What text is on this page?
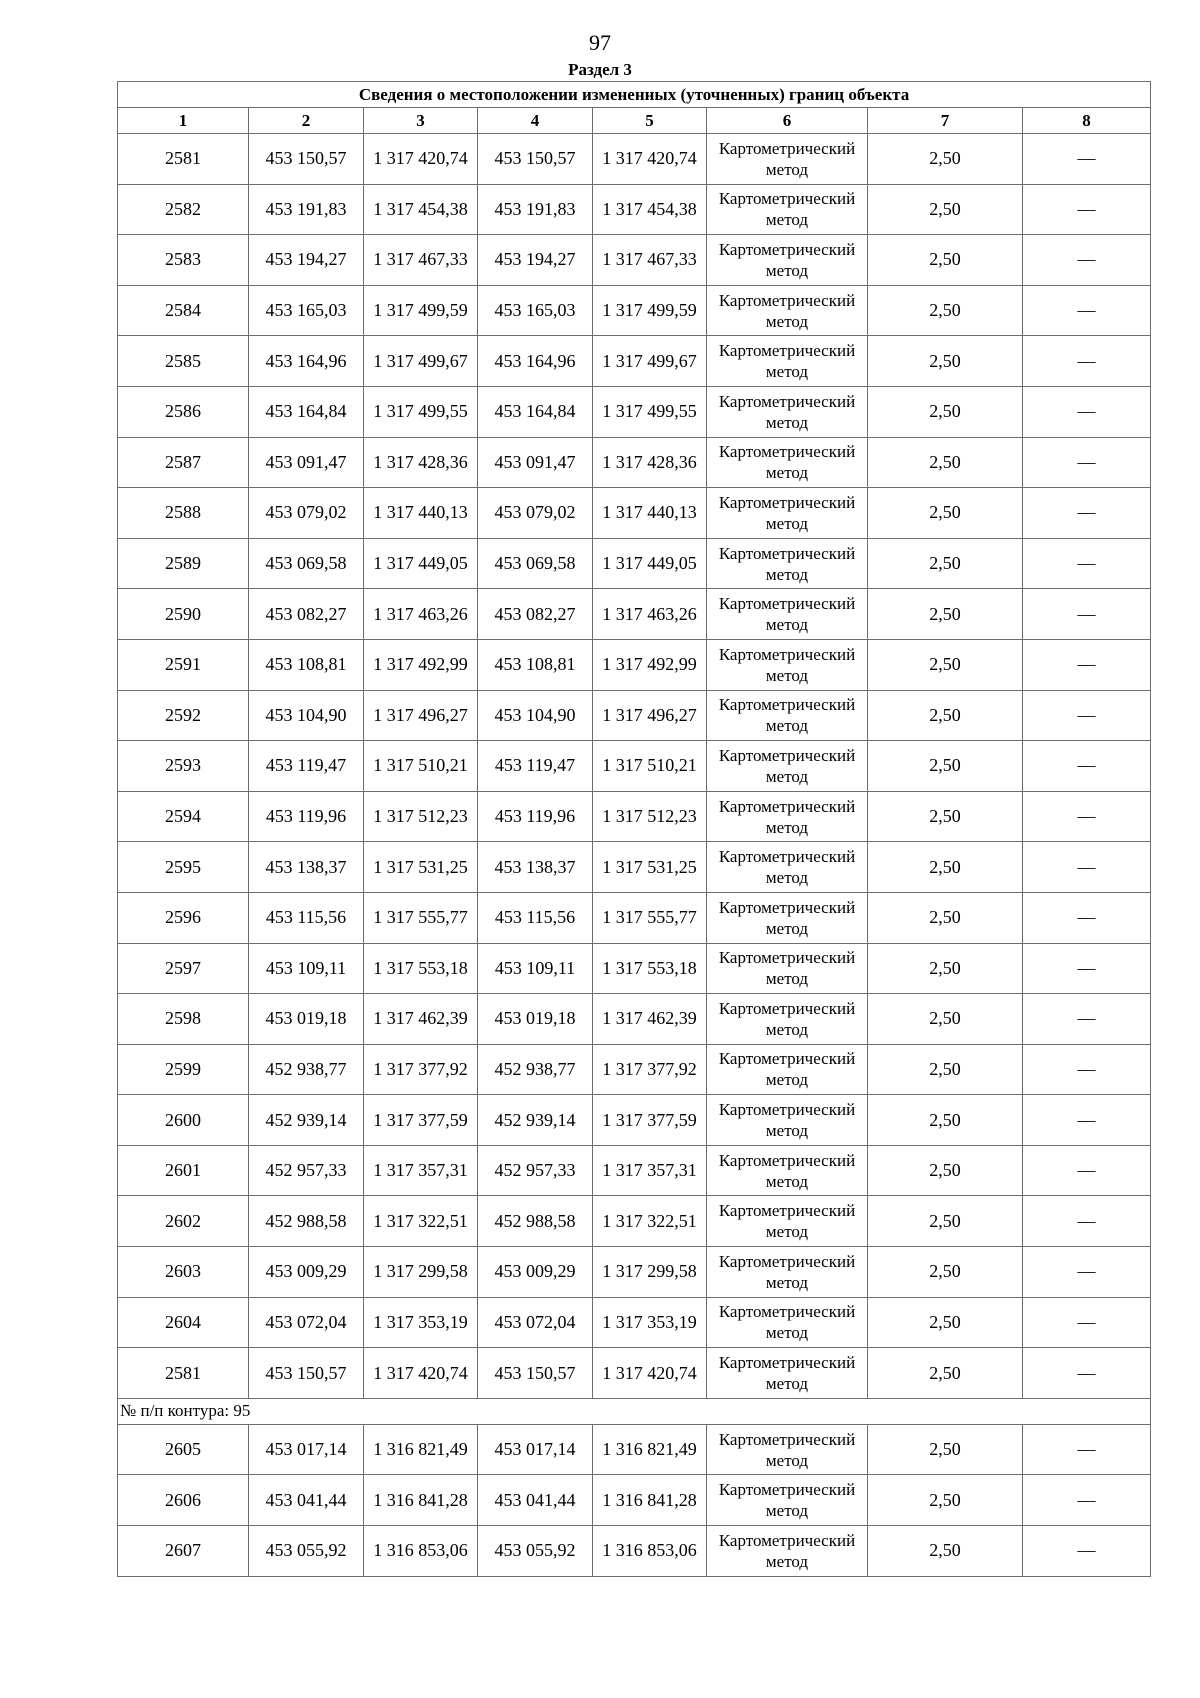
97
Раздел 3
Сведения о местоположении измененных (уточненных) границ объекта							
1	2	3	4	5	6	7	8
2581	453 150,57	1 317 420,74	453 150,57	1 317 420,74	Картометрический метод	2,50	—
2582	453 191,83	1 317 454,38	453 191,83	1 317 454,38	Картометрический метод	2,50	—
2583	453 194,27	1 317 467,33	453 194,27	1 317 467,33	Картометрический метод	2,50	—
2584	453 165,03	1 317 499,59	453 165,03	1 317 499,59	Картометрический метод	2,50	—
2585	453 164,96	1 317 499,67	453 164,96	1 317 499,67	Картометрический метод	2,50	—
2586	453 164,84	1 317 499,55	453 164,84	1 317 499,55	Картометрический метод	2,50	—
2587	453 091,47	1 317 428,36	453 091,47	1 317 428,36	Картометрический метод	2,50	—
2588	453 079,02	1 317 440,13	453 079,02	1 317 440,13	Картометрический метод	2,50	—
2589	453 069,58	1 317 449,05	453 069,58	1 317 449,05	Картометрический метод	2,50	—
2590	453 082,27	1 317 463,26	453 082,27	1 317 463,26	Картометрический метод	2,50	—
2591	453 108,81	1 317 492,99	453 108,81	1 317 492,99	Картометрический метод	2,50	—
2592	453 104,90	1 317 496,27	453 104,90	1 317 496,27	Картометрический метод	2,50	—
2593	453 119,47	1 317 510,21	453 119,47	1 317 510,21	Картометрический метод	2,50	—
2594	453 119,96	1 317 512,23	453 119,96	1 317 512,23	Картометрический метод	2,50	—
2595	453 138,37	1 317 531,25	453 138,37	1 317 531,25	Картометрический метод	2,50	—
2596	453 115,56	1 317 555,77	453 115,56	1 317 555,77	Картометрический метод	2,50	—
2597	453 109,11	1 317 553,18	453 109,11	1 317 553,18	Картометрический метод	2,50	—
2598	453 019,18	1 317 462,39	453 019,18	1 317 462,39	Картометрический метод	2,50	—
2599	452 938,77	1 317 377,92	452 938,77	1 317 377,92	Картометрический метод	2,50	—
2600	452 939,14	1 317 377,59	452 939,14	1 317 377,59	Картометрический метод	2,50	—
2601	452 957,33	1 317 357,31	452 957,33	1 317 357,31	Картометрический метод	2,50	—
2602	452 988,58	1 317 322,51	452 988,58	1 317 322,51	Картометрический метод	2,50	—
2603	453 009,29	1 317 299,58	453 009,29	1 317 299,58	Картометрический метод	2,50	—
2604	453 072,04	1 317 353,19	453 072,04	1 317 353,19	Картометрический метод	2,50	—
2581	453 150,57	1 317 420,74	453 150,57	1 317 420,74	Картометрический метод	2,50	—
№ п/п контура: 95							
2605	453 017,14	1 316 821,49	453 017,14	1 316 821,49	Картометрический метод	2,50	—
2606	453 041,44	1 316 841,28	453 041,44	1 316 841,28	Картометрический метод	2,50	—
2607	453 055,92	1 316 853,06	453 055,92	1 316 853,06	Картометрический метод	2,50	—
